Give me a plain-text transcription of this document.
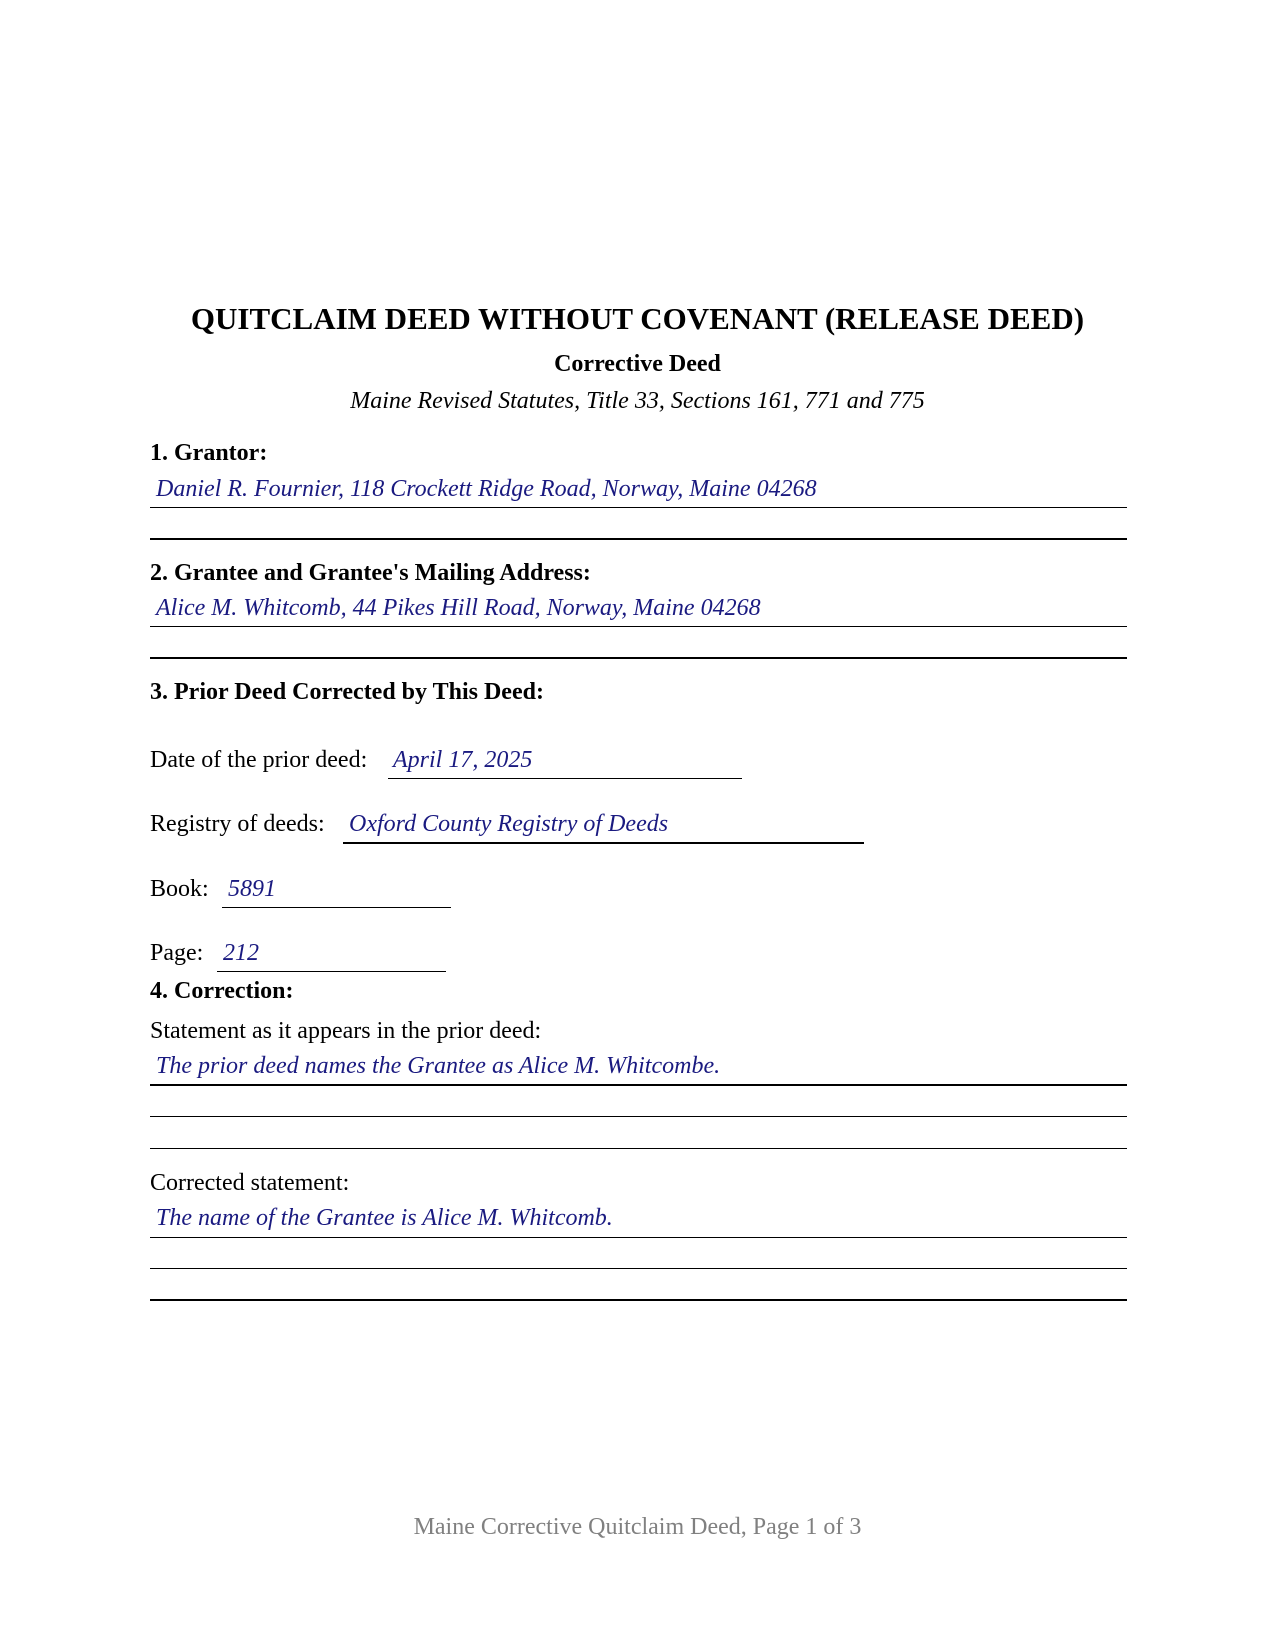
QUITCLAIM DEED WITHOUT COVENANT (RELEASE DEED)
Corrective Deed
Maine Revised Statutes, Title 33, Sections 161, 771 and 775
1. Grantor:
Daniel R. Fournier, 118 Crockett Ridge Road, Norway, Maine 04268
2. Grantee and Grantee's Mailing Address:
Alice M. Whitcomb, 44 Pikes Hill Road, Norway, Maine 04268
3. Prior Deed Corrected by This Deed:
Date of the prior deed: April 17, 2025
Registry of deeds: Oxford County Registry of Deeds
Book: 5891
Page: 212
4. Correction:
Statement as it appears in the prior deed:
The prior deed names the Grantee as Alice M. Whitcombe.
Corrected statement:
The name of the Grantee is Alice M. Whitcomb.
Maine Corrective Quitclaim Deed, Page 1 of 3
